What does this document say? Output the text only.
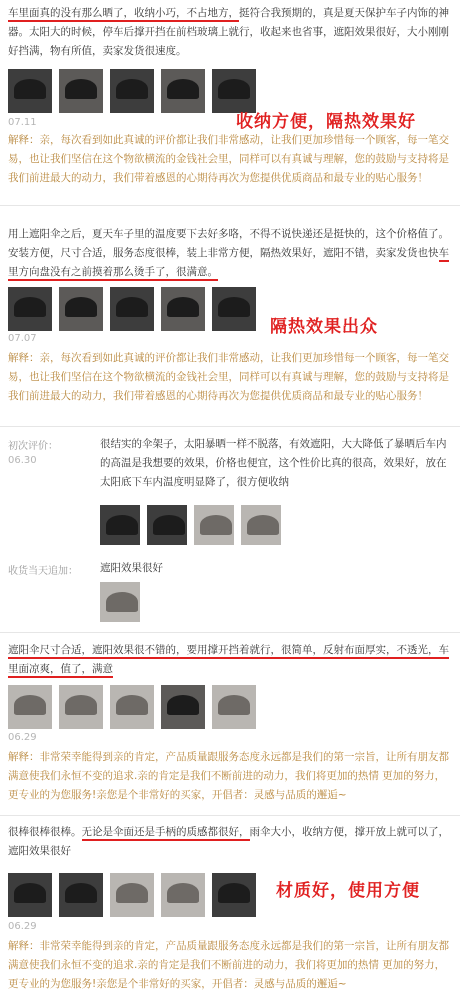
车里面真的没有那么晒了，收纳小巧，不占地方，挺符合我预期的，真是夏天保护车子内饰的神器。太阳大的时候，停车后撑开挡在前档玻璃上就行，收起来也省事，遮阳效果很好，大小刚刚好挡满，物有所值，卖家发货很速度。
07.11	收纳方便，隔热效果好
解释：亲，每次看到如此真诚的评价都让我们非常感动，让我们更加珍惜每一个顾客，每一笔交易，也让我们坚信在这个物欲横流的金钱社会里，同样可以有真诚与理解，您的鼓励与支持将是我们前进最大的动力，我们带着感恩的心期待再次为您提供优质商品和最专业的贴心服务！
用上遮阳伞之后，夏天车子里的温度要下去好多咯，不得不说快递还是挺快的，这个价格值了。安装方便，尺寸合适，服务态度很棒，装上非常方便，隔热效果好，遮阳不错，卖家发货也快车里方向盘没有之前摸着那么烫手了，很满意。
07.07
隔热效果出众
解释：亲，每次看到如此真诚的评价都让我们非常感动，让我们更加珍惜每一个顾客，每一笔交易，也让我们坚信在这个物欲横流的金钱社会里，同样可以有真诚与理解，您的鼓励与支持将是我们前进最大的动力，我们带着感恩的心期待再次为您提供优质商品和最专业的贴心服务！
初次评价：
06.30
很结实的伞架子，太阳暴晒一样不脱落，有效遮阳，大大降低了暴晒后车内的高温是我想要的效果，价格也便宜，这个性价比真的很高，效果好，放在太阳底下车内温度明显降了，很方便收纳
收货当天追加： 遮阳效果很好
遮阳伞尺寸合适，遮阳效果很不错的，要用撑开挡着就行，很简单，反射布面厚实，不透光，车里面凉爽，值了，满意
06.29
解释：非常荣幸能得到亲的肯定，产品质量跟服务态度永远都是我们的第一宗旨，让所有朋友都满意使我们永恒不变的追求.亲的肯定是我们不断前进的动力，我们将更加的热情 更加的努力，更专业的为您服务!亲您是个非常好的买家，开倡者：灵感与品质的邂逅~
很棒很棒很棒。无论是伞面还是手柄的质感都很好，雨伞大小，收纳方便，撑开放上就可以了，遮阳效果很好
06.29
材质好，使用方便
解释：非常荣幸能得到亲的肯定，产品质量跟服务态度永远都是我们的第一宗旨，让所有朋友都满意使我们永恒不变的追求.亲的肯定是我们不断前进的动力，我们将更加的热情 更加的努力，更专业的为您服务!亲您是个非常好的买家，开倡者：灵感与品质的邂逅~
